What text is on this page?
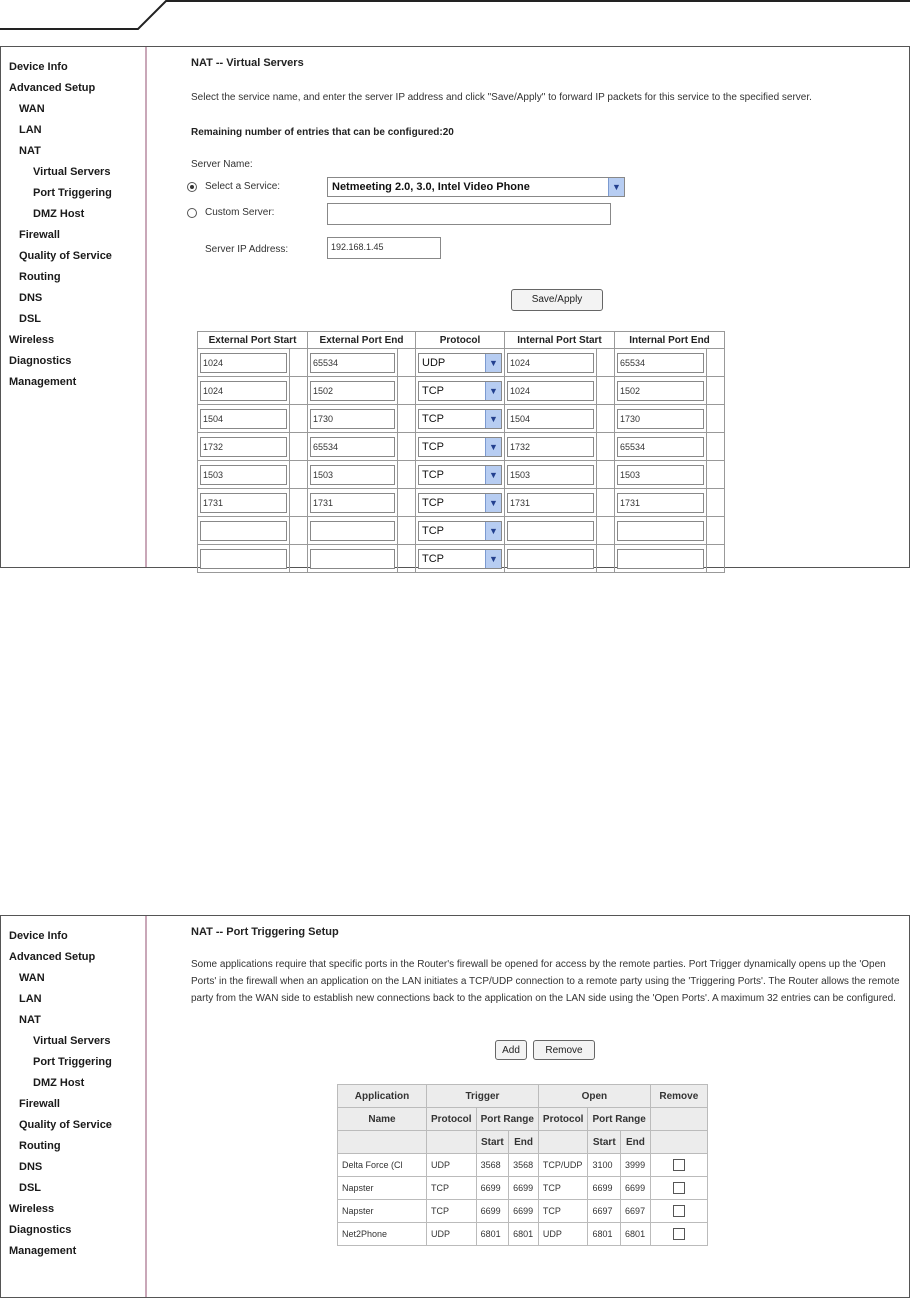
Device Info
Advanced Setup
WAN
LAN
NAT
Virtual Servers
Port Triggering
DMZ Host
Firewall
Quality of Service
Routing
DNS
DSL
Wireless
Diagnostics
Management
NAT -- Virtual Servers
Select the service name, and enter the server IP address and click "Save/Apply" to forward IP packets for this service to the specified server.
Remaining number of entries that can be configured:20
Server Name:
Select a Service:	Netmeeting 2.0, 3.0, Intel Video Phone	▼
Custom Server:
Server IP Address:	192.168.1.45
Save/Apply
External Port Start		External Port End		Protocol	Internal Port Start		Internal Port End	

1024		65534		UDP ▼	1024		65534	

1024		1502		TCP ▼	1024		1502	

1504		1730		TCP ▼	1504		1730	

1732		65534		TCP ▼	1732		65534	

1503		1503		TCP ▼	1503		1503	

1731		1731		TCP ▼	1731		1731	

				TCP ▼				

				TCP ▼				

Device Info
Advanced Setup
WAN
LAN
NAT
Virtual Servers
Port Triggering
DMZ Host
Firewall
Quality of Service
Routing
DNS
DSL
Wireless
Diagnostics
Management
NAT -- Port Triggering Setup
Some applications require that specific ports in the Router's firewall be opened for access by the remote parties. Port Trigger dynamically opens up the 'Open Ports' in the firewall when an application on the LAN initiates a TCP/UDP connection to a remote party using the 'Triggering Ports'. The Router allows the remote party from the WAN side to establish new connections back to the application on the LAN side using the 'Open Ports'. A maximum 32 entries can be configured.
Add	Remove
Application	Trigger			Open			Remove
Name	Protocol	Port Range		Protocol	Port Range		
		Start	End		Start	End	
Delta Force (Cl	UDP	3568	3568	TCP/UDP	3100	3999	
Napster	TCP	6699	6699	TCP	6699	6699	
Napster	TCP	6699	6699	TCP	6697	6697	
Net2Phone	UDP	6801	6801	UDP	6801	6801	
